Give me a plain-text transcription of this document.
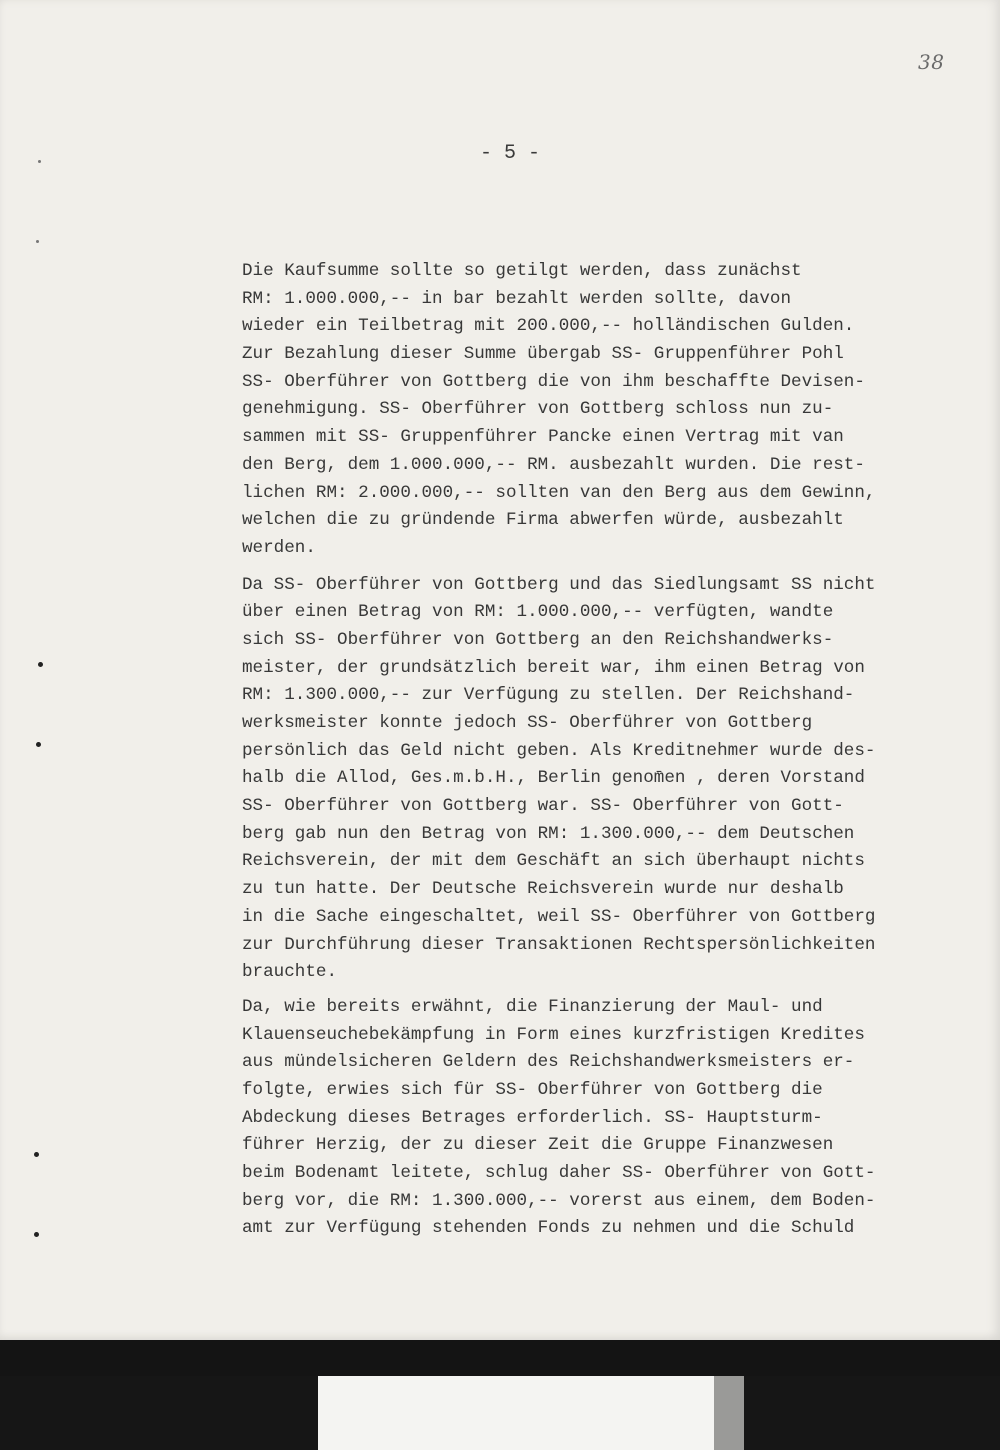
38
- 5 -
Die Kaufsumme sollte so getilgt werden, dass zunächst
RM: 1.000.000,-- in bar bezahlt werden sollte, davon
wieder ein Teilbetrag mit 200.000,-- holländischen Gulden.
Zur Bezahlung dieser Summe übergab SS- Gruppenführer Pohl
SS- Oberführer von Gottberg die von ihm beschaffte Devisen-
genehmigung. SS- Oberführer von Gottberg schloss nun zu-
sammen mit SS- Gruppenführer Pancke einen Vertrag mit van
den Berg, dem 1.000.000,-- RM. ausbezahlt wurden. Die rest-
lichen RM: 2.000.000,-- sollten van den Berg aus dem Gewinn,
welchen die zu gründende Firma abwerfen würde, ausbezahlt
werden.
Da SS- Oberführer von Gottberg und das Siedlungsamt SS nicht
über einen Betrag von RM: 1.000.000,-- verfügten, wandte
sich SS- Oberführer von Gottberg an den Reichshandwerks-
meister, der grundsätzlich bereit war, ihm einen Betrag von
RM: 1.300.000,-- zur Verfügung zu stellen. Der Reichshand-
werksmeister konnte jedoch SS- Oberführer von Gottberg
persönlich das Geld nicht geben. Als Kreditnehmer wurde des-
halb die Allod, Ges.m.b.H., Berlin genom̄en , deren Vorstand
SS- Oberführer von Gottberg war. SS- Oberführer von Gott-
berg gab nun den Betrag von RM: 1.300.000,-- dem Deutschen
Reichsverein, der mit dem Geschäft an sich überhaupt nichts
zu tun hatte. Der Deutsche Reichsverein wurde nur deshalb
in die Sache eingeschaltet, weil SS- Oberführer von Gottberg
zur Durchführung dieser Transaktionen Rechtspersönlichkeiten
brauchte.
Da, wie bereits erwähnt, die Finanzierung der Maul- und
Klauenseuchebekämpfung in Form eines kurzfristigen Kredites
aus mündelsicheren Geldern des Reichshandwerksmeisters er-
folgte, erwies sich für SS- Oberführer von Gottberg die
Abdeckung dieses Betrages erforderlich. SS- Hauptsturm-
führer Herzig, der zu dieser Zeit die Gruppe Finanzwesen
beim Bodenamt leitete, schlug daher SS- Oberführer von Gott-
berg vor, die RM: 1.300.000,-- vorerst aus einem, dem Boden-
amt zur Verfügung stehenden Fonds zu nehmen und die Schuld
